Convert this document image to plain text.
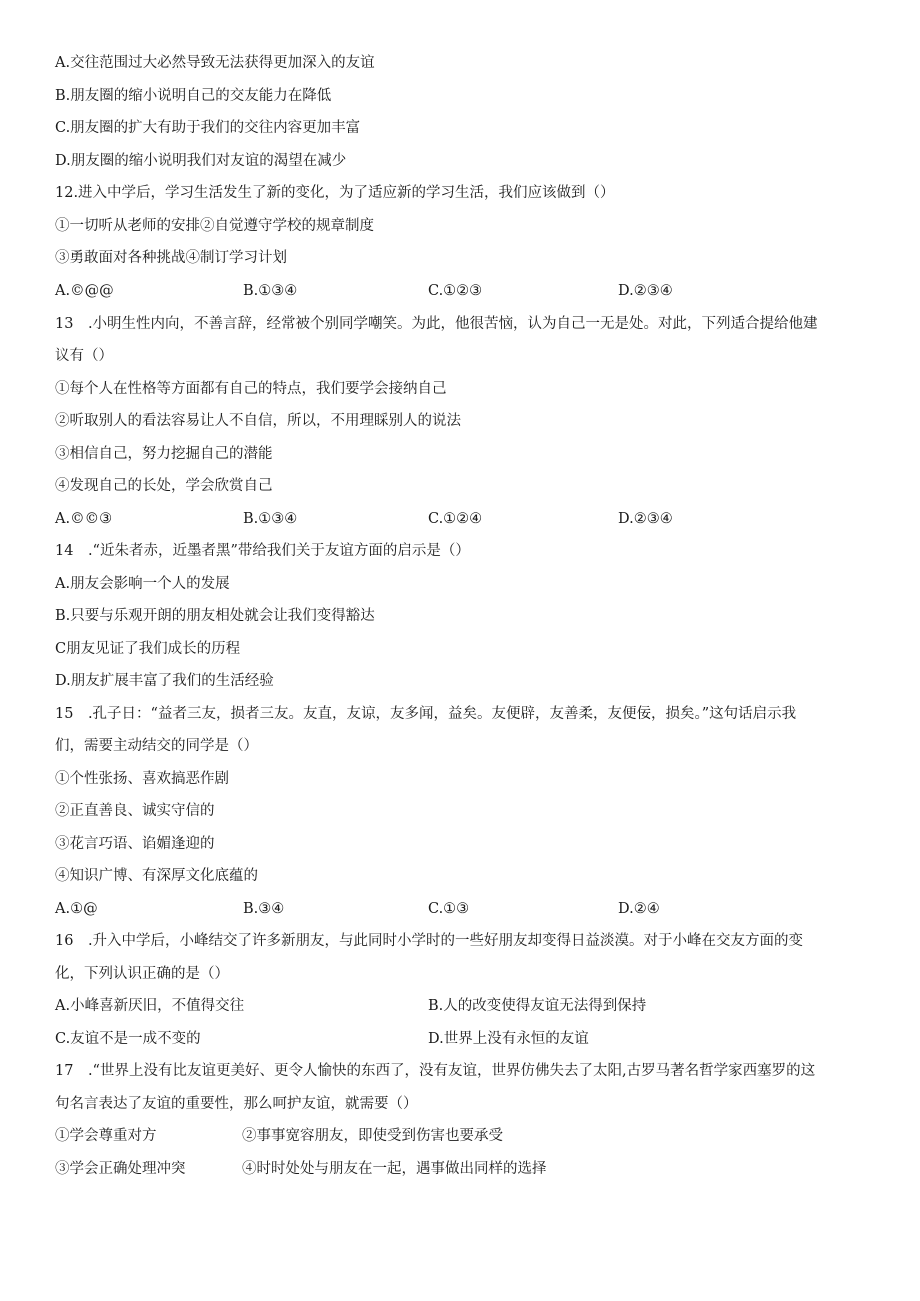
A.交往范围过大必然导致无法获得更加深入的友谊
B.朋友圈的缩小说明自己的交友能力在降低
C.朋友圈的扩大有助于我们的交往内容更加丰富
D.朋友圈的缩小说明我们对友谊的渴望在减少
12.进入中学后，学习生活发生了新的变化，为了适应新的学习生活，我们应该做到（）
①一切听从老师的安排②自觉遵守学校的规章制度
③勇敢面对各种挑战④制订学习计划
A.©@@	B.①③④	C.①②③	D.②③④
13　.小明生性内向，不善言辞，经常被个别同学嘲笑。为此，他很苦恼，认为自己一无是处。对此，下列适合提给他建
议有（）
①每个人在性格等方面都有自己的特点，我们要学会接纳自己
②听取别人的看法容易让人不自信，所以，不用理睬别人的说法
③相信自己，努力挖掘自己的潜能
④发现自己的长处，学会欣赏自己
A.©©③	B.①③④	C.①②④	D.②③④
14　.“近朱者赤，近墨者黑”带给我们关于友谊方面的启示是（）
A.朋友会影响一个人的发展
B.只要与乐观开朗的朋友相处就会让我们变得豁达
C朋友见证了我们成长的历程
D.朋友扩展丰富了我们的生活经验
15　.孔子日：“益者三友，损者三友。友直，友谅，友多闻，益矣。友便辟，友善柔，友便佞，损矣。”这句话启示我
们，需要主动结交的同学是（）
①个性张扬、喜欢搞恶作剧
②正直善良、诚实守信的
③花言巧语、谄媚逢迎的
④知识广博、有深厚文化底蕴的
A.①@	B.③④	C.①③	D.②④
16　.升入中学后，小峰结交了许多新朋友，与此同时小学时的一些好朋友却变得日益淡漠。对于小峰在交友方面的变
化，下列认识正确的是（）
A.小峰喜新厌旧，不值得交往	B.人的改变使得友谊无法得到保持
C.友谊不是一成不变的	D.世界上没有永恒的友谊
17　.“世界上没有比友谊更美好、更令人愉快的东西了，没有友谊，世界仿佛失去了太阳,古罗马著名哲学家西塞罗的这
句名言表达了友谊的重要性，那么呵护友谊，就需要（）
①学会尊重对方	②事事宽容朋友，即使受到伤害也要承受
③学会正确处理冲突	④时时处处与朋友在一起，遇事做出同样的选择
